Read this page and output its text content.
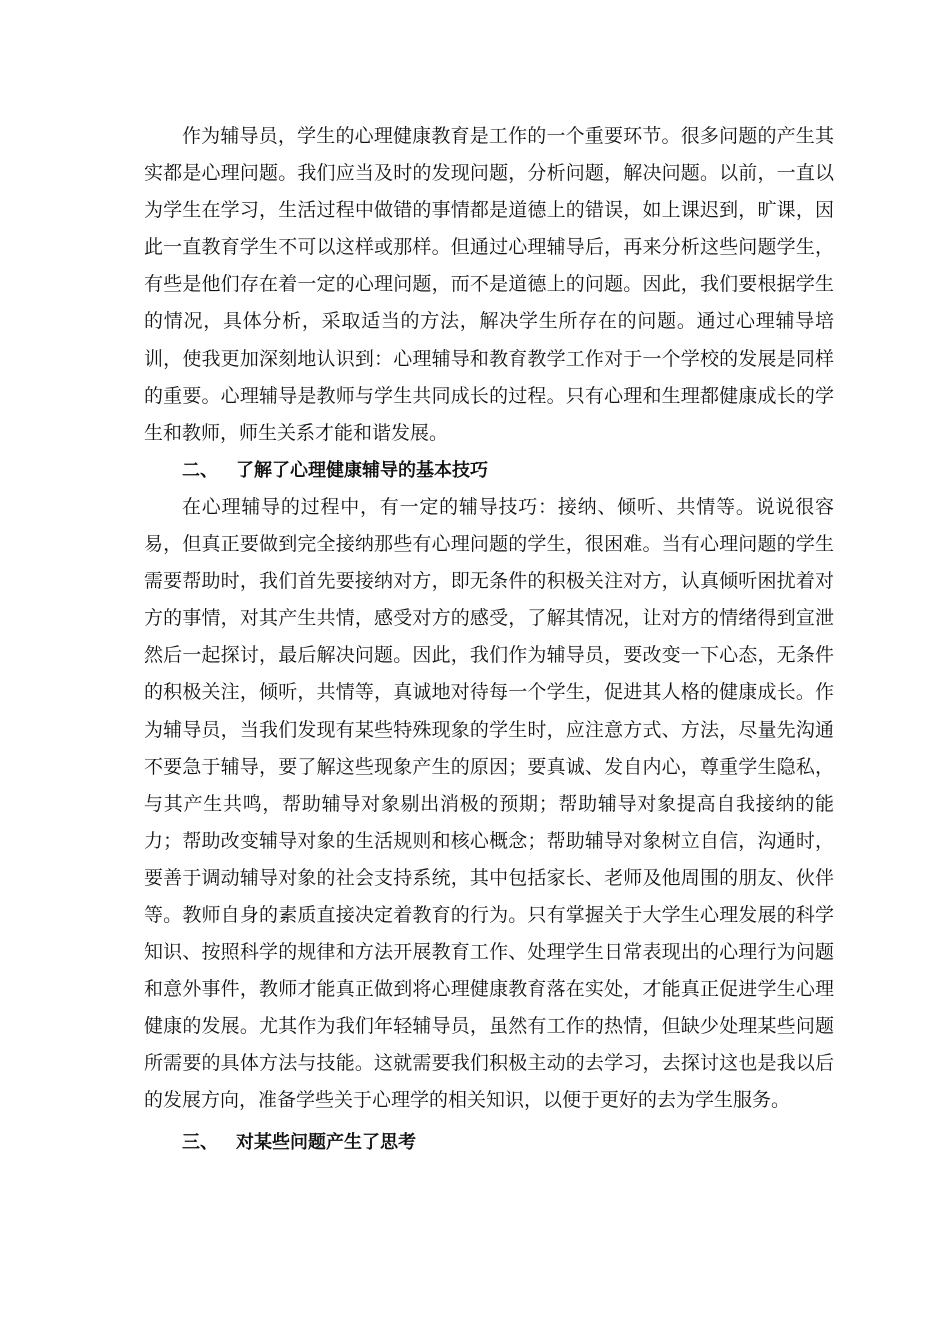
作为辅导员，学生的心理健康教育是工作的一个重要环节。很多问题的产生其实都是心理问题。我们应当及时的发现问题，分析问题，解决问题。以前，一直以为学生在学习，生活过程中做错的事情都是道德上的错误，如上课迟到，旷课，因此一直教育学生不可以这样或那样。但通过心理辅导后，再来分析这些问题学生，有些是他们存在着一定的心理问题，而不是道德上的问题。因此，我们要根据学生的情况，具体分析，采取适当的方法，解决学生所存在的问题。通过心理辅导培训，使我更加深刻地认识到：心理辅导和教育教学工作对于一个学校的发展是同样的重要。心理辅导是教师与学生共同成长的过程。只有心理和生理都健康成长的学生和教师，师生关系才能和谐发展。

二、 了解了心理健康辅导的基本技巧

在心理辅导的过程中，有一定的辅导技巧：接纳、倾听、共情等。说说很容易，但真正要做到完全接纳那些有心理问题的学生，很困难。当有心理问题的学生需要帮助时，我们首先要接纳对方，即无条件的积极关注对方，认真倾听困扰着对方的事情，对其产生共情，感受对方的感受，了解其情况，让对方的情绪得到宣泄然后一起探讨，最后解决问题。因此，我们作为辅导员，要改变一下心态，无条件的积极关注，倾听，共情等，真诚地对待每一个学生，促进其人格的健康成长。作为辅导员，当我们发现有某些特殊现象的学生时，应注意方式、方法，尽量先沟通不要急于辅导，要了解这些现象产生的原因；要真诚、发自内心，尊重学生隐私，与其产生共鸣，帮助辅导对象剔出消极的预期；帮助辅导对象提高自我接纳的能力；帮助改变辅导对象的生活规则和核心概念；帮助辅导对象树立自信，沟通时，要善于调动辅导对象的社会支持系统，其中包括家长、老师及他周围的朋友、伙伴等。教师自身的素质直接决定着教育的行为。只有掌握关于大学生心理发展的科学知识、按照科学的规律和方法开展教育工作、处理学生日常表现出的心理行为问题和意外事件，教师才能真正做到将心理健康教育落在实处，才能真正促进学生心理健康的发展。尤其作为我们年轻辅导员，虽然有工作的热情，但缺少处理某些问题所需要的具体方法与技能。这就需要我们积极主动的去学习，去探讨这也是我以后的发展方向，准备学些关于心理学的相关知识，以便于更好的去为学生服务。

三、 对某些问题产生了思考
